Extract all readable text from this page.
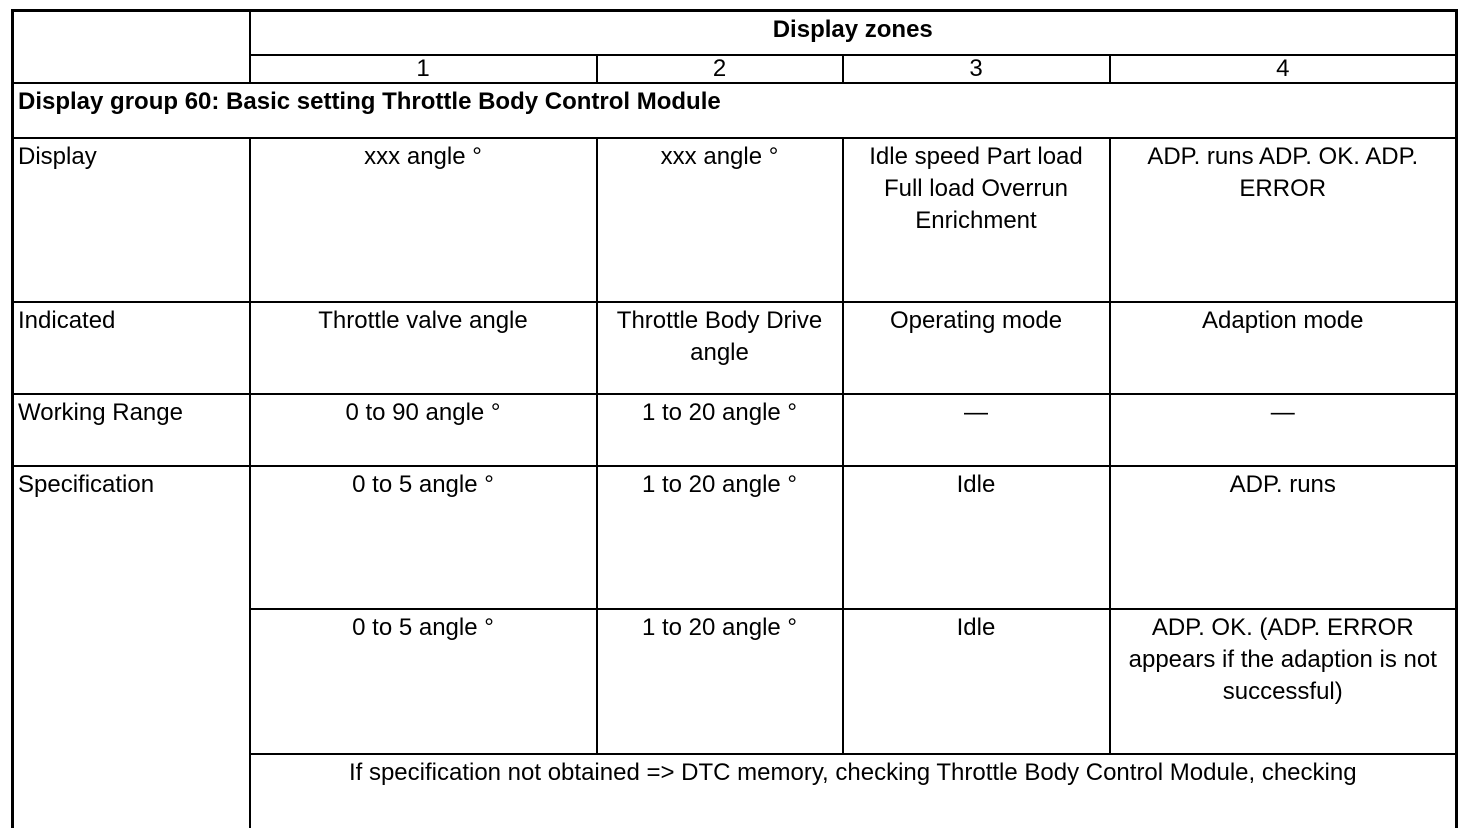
	Display zones			
	1	2	3	4
Display group 60: Basic setting Throttle Body Control Module				
Display	xxx angle °	xxx angle °	Idle speed Part load Full load Overrun Enrichment	ADP. runs ADP. OK. ADP. ERROR
Indicated	Throttle valve angle	Throttle Body Drive angle	Operating mode	Adaption mode
Working Range	0 to 90 angle °	1 to 20 angle °	—	—
Specification	0 to 5 angle °	1 to 20 angle °	Idle	ADP. runs
	0 to 5 angle °	1 to 20 angle °	Idle	ADP. OK. (ADP. ERROR appears if the adaption is not successful)
	If specification not obtained => DTC memory, checking Throttle Body Control Module, checking			
